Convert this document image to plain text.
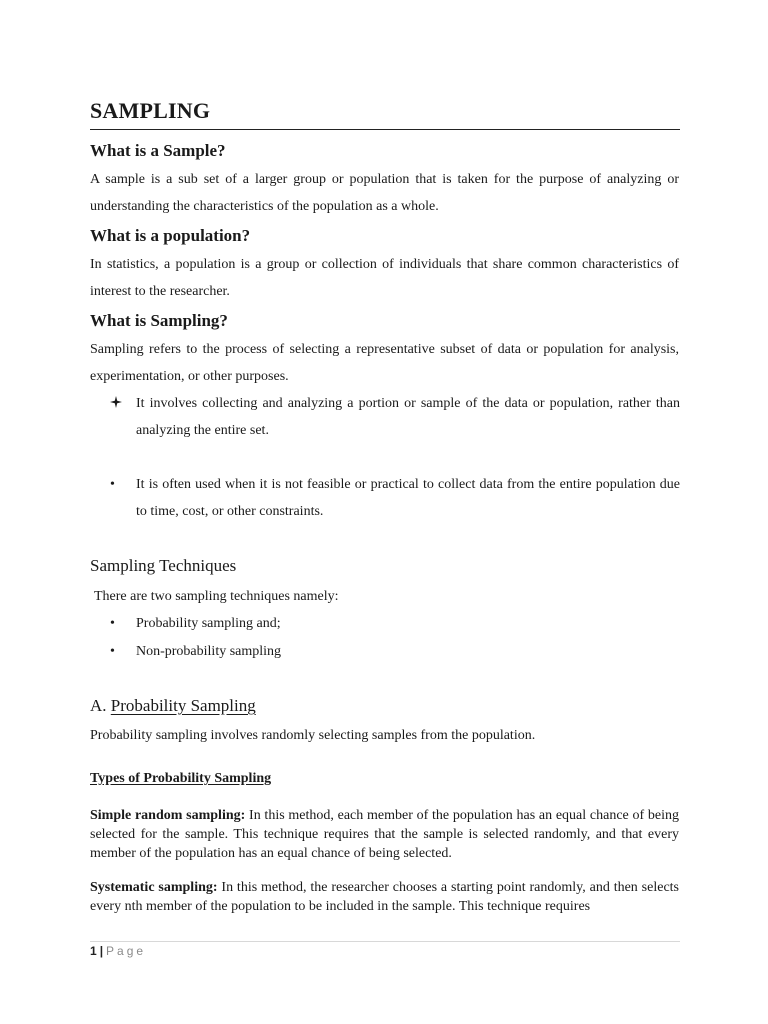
SAMPLING
What is a Sample?
A sample is a sub set of a larger group or population that is taken for the purpose of analyzing or understanding the characteristics of the population as a whole.
What is a population?
In statistics, a population is a group or collection of individuals that share common characteristics of interest to the researcher.
What is Sampling?
Sampling refers to the process of selecting a representative subset of data or population for analysis, experimentation, or other purposes.
It involves collecting and analyzing a portion or sample of the data or population, rather than analyzing the entire set.
•	It is often used when it is not feasible or practical to collect data from the entire population due to time, cost, or other constraints.
Sampling Techniques
There are two sampling techniques namely:
•	Probability sampling and;
•	Non-probability sampling
A. Probability Sampling
Probability sampling involves randomly selecting samples from the population.
Types of Probability Sampling
Simple random sampling: In this method, each member of the population has an equal chance of being selected for the sample. This technique requires that the sample is selected randomly, and that every member of the population has an equal chance of being selected.
Systematic sampling: In this method, the researcher chooses a starting point randomly, and then selects every nth member of the population to be included in the sample. This technique requires
1 | Page
